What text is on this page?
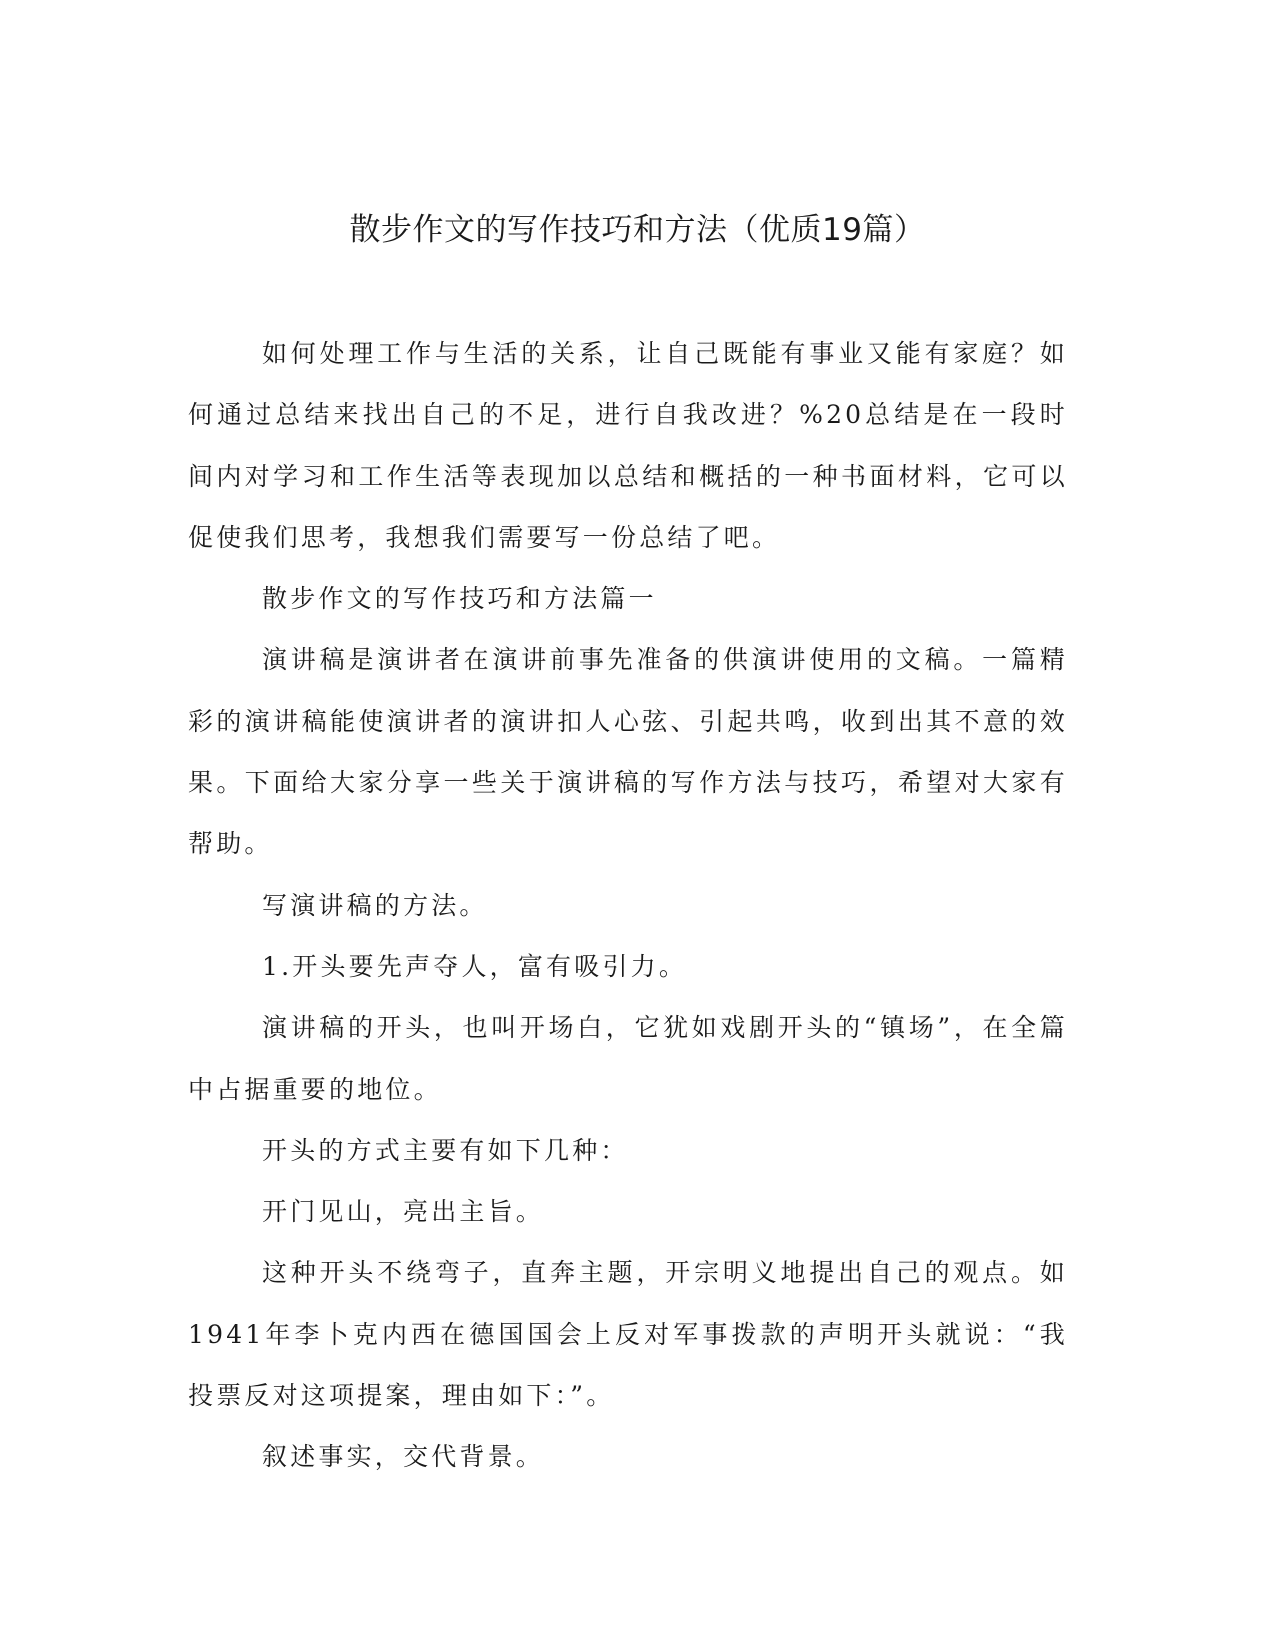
散步作文的写作技巧和方法（优质19篇）

如何处理工作与生活的关系，让自己既能有事业又能有家庭？如何通过总结来找出自己的不足，进行自我改进？%20总结是在一段时间内对学习和工作生活等表现加以总结和概括的一种书面材料，它可以促使我们思考，我想我们需要写一份总结了吧。

散步作文的写作技巧和方法篇一

演讲稿是演讲者在演讲前事先准备的供演讲使用的文稿。一篇精彩的演讲稿能使演讲者的演讲扣人心弦、引起共鸣，收到出其不意的效果。下面给大家分享一些关于演讲稿的写作方法与技巧，希望对大家有帮助。

写演讲稿的方法。

1.开头要先声夺人，富有吸引力。

演讲稿的开头，也叫开场白，它犹如戏剧开头的“镇场”，在全篇中占据重要的地位。

开头的方式主要有如下几种：

开门见山，亮出主旨。

这种开头不绕弯子，直奔主题，开宗明义地提出自己的观点。如1941年李卜克内西在德国国会上反对军事拨款的声明开头就说：“我投票反对这项提案，理由如下：”。

叙述事实，交代背景。
